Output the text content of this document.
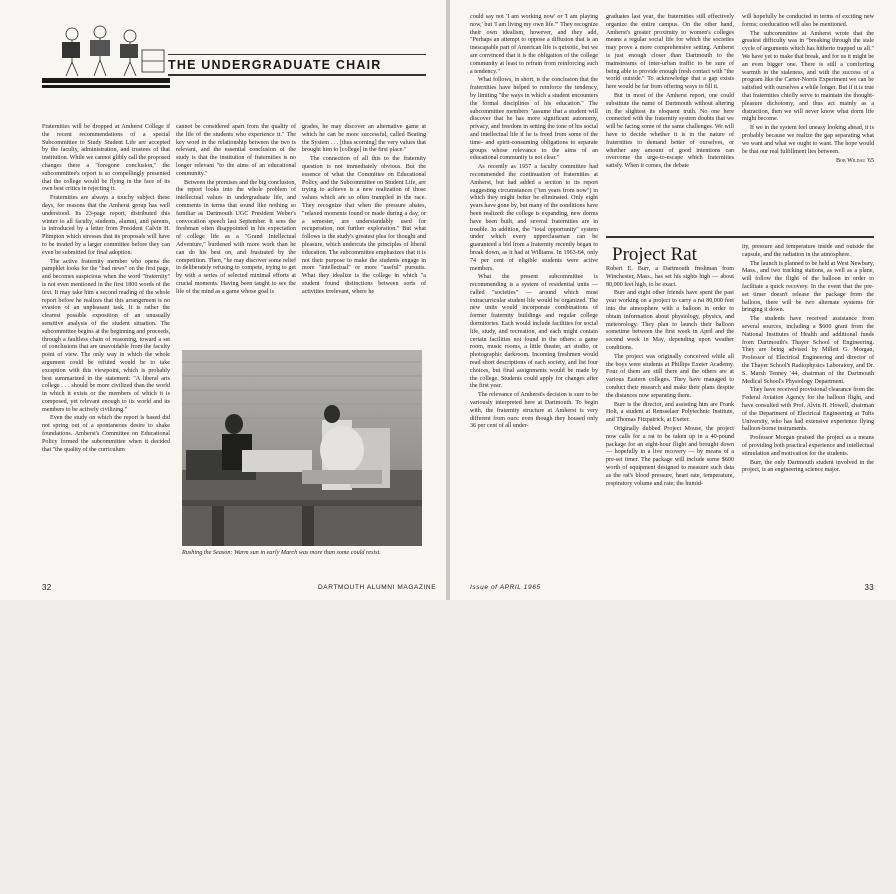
THE UNDERGRADUATE CHAIR

Fraternities will be dropped at Amherst College if the recent recommendations of a special Subcommittee to Study Student Life are accepted by the faculty, administration, and trustees of that institution. While we cannot glibly call the proposed changes there a "foregone conclusion," the subcommittee's report is so compellingly presented that the college would be flying in the face of its own best critics in rejecting it.

Fraternities are always a touchy subject these days, for reasons that the Amherst group has well understood. Its 23-page report, distributed this winter to all faculty, students, alumni, and parents, is introduced by a letter from President Calvin H. Plimpton which stresses that its proposals will have to be treated by a larger committee before they can even be submitted for final adoption.

The active fraternity member who opens the pamphlet looks for the "bad news" on the first page, and becomes suspicious when the word "fraternity" is not even mentioned in the first 1800 words of the text. It may take him a second reading of the whole report before he realizes that this arrangement is no evasion of an unpleasant task. It is rather the clearest possible exposition of an unusually sensitive analysis of the student situation. The subcommittee begins at the beginning and proceeds, through a faultless chain of reasoning, toward a set of conclusions that are unavoidable from the faculty point of view. The only way in which the whole argument could be refuted would be to take exception with this viewpoint, which is probably best summarized in the statement: "A liberal arts college . . . should be more civilized than the world in which it exists or the members of which it is composed, yet relevant enough to its world and its members to be actively civilizing."

Even the study on which the report is based did not spring out of a spontaneous desire to shake foundations. Amherst's Committee on Educational Policy formed the subcommittee when it decided that "the quality of the curriculum

cannot be considered apart from the quality of the life of the students who experience it." The key word in the relationship between the two is relevant, and the essential conclusion of the study is that the institution of fraternities is no longer relevant "to the aims of an educational community."

Between the premises and the big conclusion, the report looks into the whole problem of intellectual values in undergraduate life, and comments in terms that sound like nothing so familiar as Dartmouth UGC President Weber's convocation speech last September. It sees the freshman often disappointed in his expectation of college life as a "Grand Intellectual Adventure," burdened with more work than he can do his best on, and frustrated by the competition. Then, "he may discover some relief in deliberately refusing to compete, trying to get by with a series of selected minimal efforts at crucial moments. Having been taught to see the life of the mind as a game whose goal is

grades, he may discover an alternative game at which he can be more successful, called Beating the System . . . [thus scorning] the very values that brought him to [college] in the first place."

The connection of all this to the fraternity question is not immediately obvious. But the essence of what the Committee on Educational Policy, and the Subcommittee on Student Life, are trying to achieve is a new realization of those values which are so often trampled in the race. They recognize that when the pressure abates, "relaxed moments found or made during a day, or a semester, are understandably used for recuperation, not further exploration." But what follows is the study's greatest plea for thought and pleasure, which undercuts the principles of liberal education. The subcommittee emphasizes that it is not their purpose to make the students engage in more "intellectual" or more "useful" pursuits. What they idealize is the college in which "a student found distinctions between sorts of activities irrelevant, where he

Bill Rodell '67
Rushing the Season: Warm sun in early March was more than some could resist.
32	DARTMOUTH ALUMNI MAGAZINE

could say not 'I am working now' or 'I am playing now,' but 'I am living my own life.'" They recognize their own idealism, however, and they add, "Perhaps an attempt to oppose a diffusion that is an inescapable part of American life is quixotic, but we are convinced that it is the obligation of the college community at least to refrain from reinforcing such a tendency."

What follows, in short, is the conclusion that the fraternities have helped to reinforce the tendency, by limiting "the ways in which a student encounters the formal disciplines of his education." The subcommittee members "assume that a student will discover that he has more significant autonomy, privacy, and freedom in setting the tone of his social and intellectual life if he is freed from some of the time- and spirit-consuming obligations to separate groups whose relevance to the aims of an educational community is not clear."

As recently as 1957 a faculty committee had recommended the continuation of fraternities at Amherst, but had added a section to its report suggesting circumstances ("ten years from now") in which they might better be eliminated. Only eight years have gone by, but many of the conditions have been realized: the college is expanding, new dorms have been built, and several fraternities are in trouble. In addition, the "total opportunity" system under which every upperclassman can be guaranteed a bid from a fraternity recently began to break down, as it had at Williams. In 1963-64, only 74 per cent of eligible students were active members.

What the present subcommittee is recommending is a system of residential units — called "societies" — around which most extracurricular student life would be organized. The new units would incorporate combinations of former fraternity buildings and regular college dormitories. Each would include facilities for social life, study, and recreation, and each might contain certain facilities not found in the others: a game room, music rooms, a little theater, art studio, or photographic darkroom. Incoming freshmen would read short descriptions of each society, and list four choices, but final assignments would be made by the college. Students could apply for changes after the first year.

The relevance of Amherst's decision is sure to be variously interpreted here at Dartmouth. To begin with, the fraternity structure at Amherst is very different from ours: even though they housed only 36 per cent of all under-

graduates last year, the fraternities still effectively organize the entire campus. On the other hand, Amherst's greater proximity to women's colleges means a regular social life for which the societies may prove a more comprehensive setting. Amherst is just enough closer than Dartmouth to the mainstreams of inter-urban traffic to be sure of being able to provide enough fresh contact with "the world outside." To acknowledge that a gap exists here would be far from offering ways to fill it.

But in most of the Amherst report, one could substitute the name of Dartmouth without altering in the slightest its eloquent truth. No one here connected with the fraternity system doubts that we will be facing some of the same challenges. We will have to decide whether it is in the nature of fraternities to demand better of ourselves, or whether any amount of good intentions can overcome the urge-to-escape which fraternities satisfy. When it comes, the debate

will hopefully be conducted in terms of exciting new forms; coeducation will also be mentioned.

The subcommittee at Amherst wrote that the greatest difficulty was in "breaking through the stale cycle of arguments which has hitherto trapped us all." We have yet to make that break, and for us it might be an even bigger one. There is still a comforting warmth in the staleness, and with the success of a program like the Carter-Norris Experiment we can be satisfied with ourselves a while longer. But if it is true that fraternities chiefly serve to maintain the thought-pleasure dichotomy, and thus act mainly as a distraction, then we will never know what dorm life might become.

If we in the system feel uneasy looking ahead, it is probably because we realize the gap separating what we want and what we ought to want. The hope would be that our real fulfillment lies between.

Bob Wildau '65
Project Rat

Robert E. Burr, a Dartmouth freshman from Winchester, Mass., has set his sights high — about 80,000 feet high, to be exact.

Burr and eight other friends have spent the past year working on a project to carry a rat 80,000 feet into the atmosphere with a balloon in order to obtain information about physiology, physics, and meteorology. They plan to launch their balloon sometime between the first week in April and the second week in May, depending upon weather conditions.

The project was originally conceived while all the boys were students at Phillips Exeter Academy. Four of them are still there and the others are at various Eastern colleges. They have managed to conduct their research and make their plans despite the distances now separating them.

Burr is the director, and assisting him are Frank Holt, a student at Rensselaer Polytechnic Institute, and Thomas Fitzpatrick, at Exeter.

Originally dubbed Project Mouse, the project now calls for a rat to be taken up in a 40-pound package for an eight-hour flight and brought down — hopefully in a live recovery — by means of a pre-set timer. The package will include some $600 worth of equipment designed to measure such data as the rat's blood pressure, heart rate, temperature, respiratory volume and rate; the humid-

ity, pressure and temperature inside and outside the capsule, and the radiation in the atmosphere.

The launch is planned to be held at West Newbury, Mass., and two tracking stations, as well as a plane, will follow the flight of the balloon in order to facilitate a quick recovery. In the event that the pre-set timer doesn't release the package from the balloon, there will be two alternate systems for bringing it down.

The students have received assistance from several sources, including a $600 grant from the National Institutes of Health and additional funds from Dartmouth's Thayer School of Engineering. They are being advised by Millett G. Morgan, Professor of Electrical Engineering and director of the Thayer School's Radiophysics Laboratory, and Dr. S. Marsh Tenney '44, chairman of the Dartmouth Medical School's Physiology Department.

They have received provisional clearance from the Federal Aviation Agency for the balloon flight, and have consulted with Prof. Alvin H. Howell, chairman of the Department of Electrical Engineering at Tufts University, who has had extensive experience flying balloon-borne instruments.

Professor Morgan praised the project as a means of providing both practical experience and intellectual stimulation and motivation for the students.

Burr, the only Dartmouth student involved in the project, is an engineering science major.

Issue of APRIL 1965	33
